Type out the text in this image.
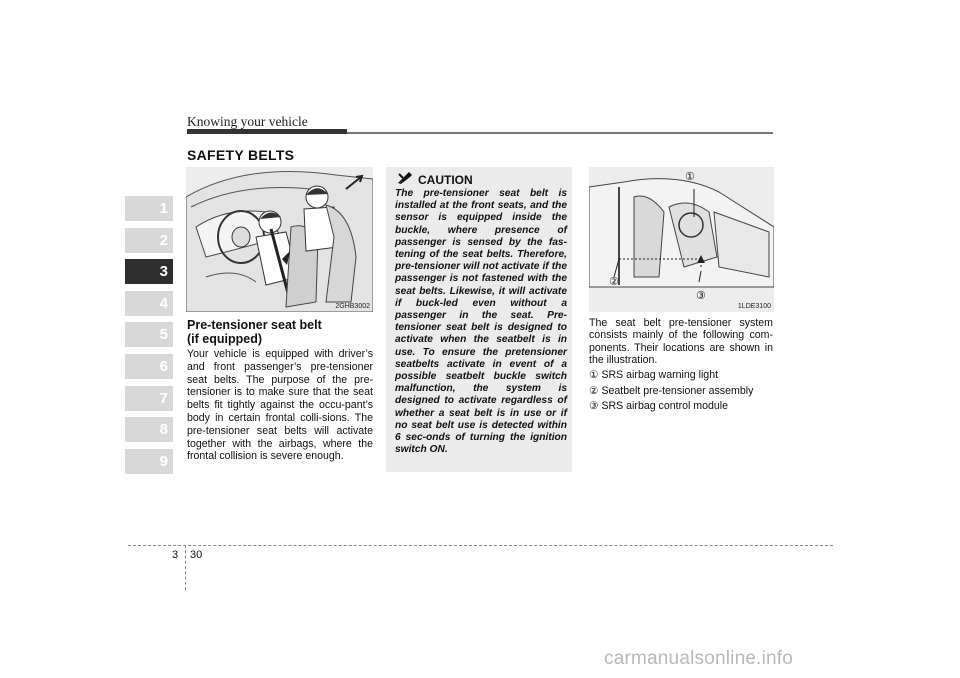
Knowing your vehicle
SAFETY BELTS
1
2
3
4
5
6
7
8
9
2GHB3002
Pre-tensioner seat belt
(if equipped)
Your vehicle is equipped with driver’s and front passenger’s pre-tensioner seat belts. The purpose of the pre-tensioner is to make sure that the seat belts fit tightly against the occu-pant’s body in certain frontal colli-sions. The pre-tensioner seat belts will activate together with the airbags, where the frontal collision is severe enough.
CAUTION
The pre-tensioner seat belt is installed at the front seats, and the sensor is equipped inside the buckle, where presence of passenger is sensed by the fas-tening of the seat belts. Therefore, pre-tensioner will not activate if the passenger is not fastened with the seat belts. Likewise, it will activate if buck-led even without a passenger in the seat. Pre-tensioner seat belt is designed to activate when the seatbelt is in use. To ensure the pretensioner seatbelts activate in event of a possible seatbelt buckle switch malfunction, the system is designed to activate regardless of whether a seat belt is in use or if no seat belt use is detected within 6 sec-onds of turning the ignition switch ON.
①
②
③
1LDE3100
The seat belt pre-tensioner system consists mainly of the following com-ponents. Their locations are shown in the illustration.
① SRS airbag warning light
② Seatbelt pre-tensioner assembly
③ SRS airbag control module
3 30
carmanualsonline.info
